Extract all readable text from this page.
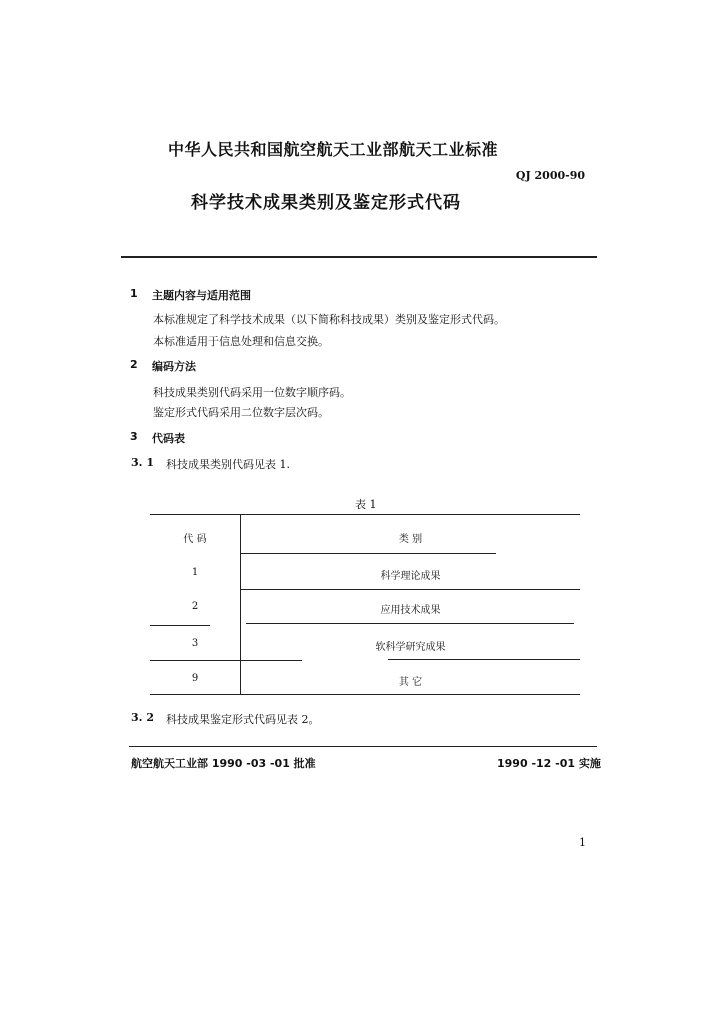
中华人民共和国航空航天工业部航天工业标准
QJ 2000-90
科学技术成果类别及鉴定形式代码
1 主题内容与适用范围
本标准规定了科学技术成果（以下简称科技成果）类别及鉴定形式代码。
本标准适用于信息处理和信息交换。
2 编码方法
科技成果类别代码采用一位数字顺序码。
鉴定形式代码采用二位数字层次码。
3 代码表
3. 1 科技成果类别代码见表 1.
表 1
代 码	类 别
1	科学理论成果
2	应用技术成果
3	软科学研究成果
9	其 它
3. 2 科技成果鉴定形式代码见表 2。
航空航天工业部 1990 -03 -01 批准	1990 -12 -01 实施
1
